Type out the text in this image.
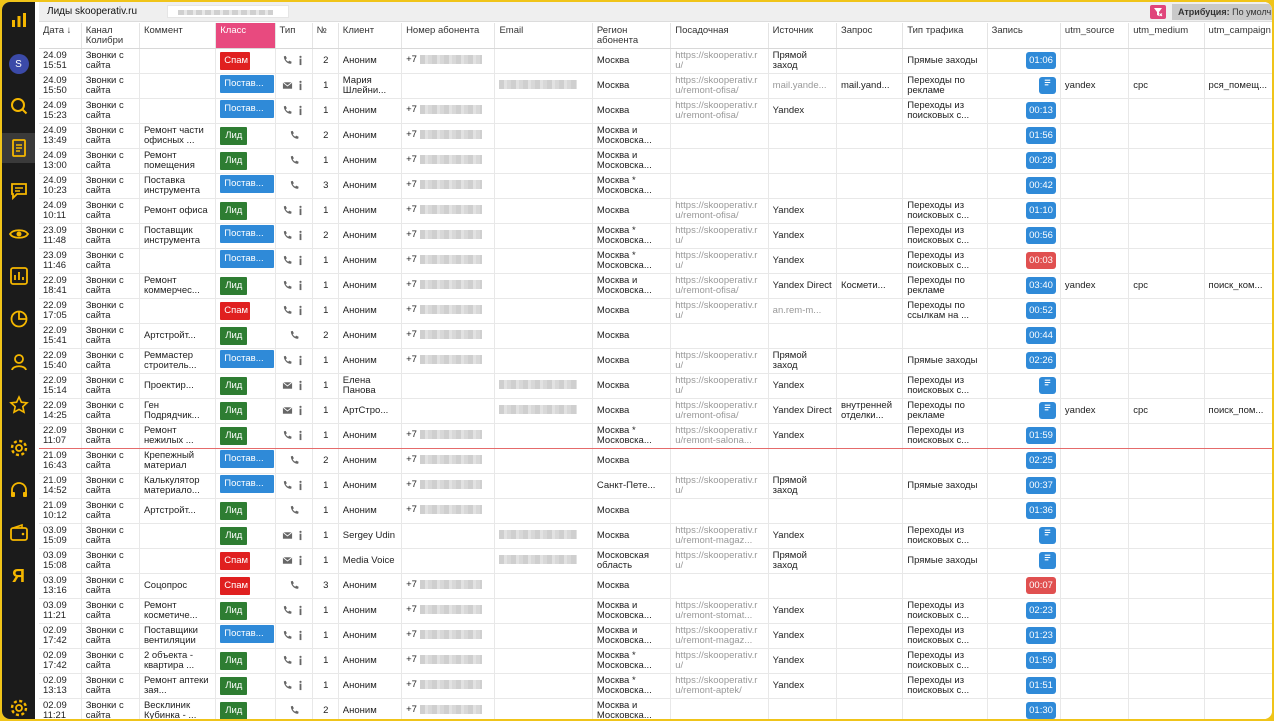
S
Я
Лиды skooperativ.ru	Атрибуция: По умолч
Дата ↓	Канал Колибри	Коммент	Класс	Тип	№	Клиент	Номер абонента	Email	Регион абонента	Посадочная	Источник	Запрос	Тип трафика	Запись	utm_source	utm_medium	utm_campaign

24.09 15:51	Звонки с сайта		Спам		2	Аноним	+7		Москва	https://skooperativ.ru/	Прямой заход		Прямые заходы	01:06			

24.09 15:50	Звонки с сайта		Постав...		1	Мария Шлейни...			Москва	https://skooperativ.ru/remont-ofisa/	mail.yande...	mail.yand...	Переходы по рекламе		yandex	cpc	рся_помещ...

24.09 15:23	Звонки с сайта		Постав...		1	Аноним	+7		Москва	https://skooperativ.ru/remont-ofisa/	Yandex		Переходы из поисковых с...	00:13			

24.09 13:49	Звонки с сайта	Ремонт части офисных ...	Лид		2	Аноним	+7		Москва и Московска...					01:56			

24.09 13:00	Звонки с сайта	Ремонт помещения	Лид		1	Аноним	+7		Москва и Московска...					00:28			

24.09 10:23	Звонки с сайта	Поставка инструмента	Постав...		3	Аноним	+7		Москва * Московска...					00:42			

24.09 10:11	Звонки с сайта	Ремонт офиса	Лид		1	Аноним	+7		Москва	https://skooperativ.ru/remont-ofisa/	Yandex		Переходы из поисковых с...	01:10			

23.09 11:48	Звонки с сайта	Поставщик инструмента	Постав...		2	Аноним	+7		Москва * Московска...	https://skooperativ.ru/	Yandex		Переходы из поисковых с...	00:56			

23.09 11:46	Звонки с сайта		Постав...		1	Аноним	+7		Москва * Московска...	https://skooperativ.ru/	Yandex		Переходы из поисковых с...	00:03			

22.09 18:41	Звонки с сайта	Ремонт коммерчес...	Лид		1	Аноним	+7		Москва и Московска...	https://skooperativ.ru/remont-ofisa/	Yandex Direct	Космети...	Переходы по рекламе	03:40	yandex	cpc	поиск_ком...

22.09 17:05	Звонки с сайта		Спам		1	Аноним	+7		Москва	https://skooperativ.ru/	an.rem-m...		Переходы по ссылкам на ...	00:52			

22.09 15:41	Звонки с сайта	Артстройт...	Лид		2	Аноним	+7		Москва					00:44			

22.09 15:40	Звонки с сайта	Реммастер строитель...	Постав...		1	Аноним	+7		Москва	https://skooperativ.ru/	Прямой заход		Прямые заходы	02:26			

22.09 15:14	Звонки с сайта	Проектир...	Лид		1	Елена Панова			Москва	https://skooperativ.ru/	Yandex		Переходы из поисковых с...

22.09 14:25	Звонки с сайта	Ген Подрядчик...	Лид		1	АртСтро...			Москва	https://skooperativ.ru/remont-ofisa/	Yandex Direct	внутренней отделки...	Переходы по рекламе		yandex	cpc	поиск_пом...

22.09 11:07	Звонки с сайта	Ремонт нежилых ...	Лид		1	Аноним	+7		Москва * Московска...	https://skooperativ.ru/remont-salona...	Yandex		Переходы из поисковых с...	01:59			

21.09 16:43	Звонки с сайта	Крепежный материал	Постав...		2	Аноним	+7		Москва					02:25			

21.09 14:52	Звонки с сайта	Калькулятор материало...	Постав...		1	Аноним	+7		Санкт-Пете...	https://skooperativ.ru/	Прямой заход		Прямые заходы	00:37			

21.09 10:12	Звонки с сайта	Артстройт...	Лид		1	Аноним	+7		Москва					01:36			

03.09 15:09	Звонки с сайта		Лид		1	Sergey Udin			Москва	https://skooperativ.ru/remont-magaz...	Yandex		Переходы из поисковых с...

03.09 15:08	Звонки с сайта		Спам		1	Media Voice			Московская область	https://skooperativ.ru/	Прямой заход		Прямые заходы

03.09 13:16	Звонки с сайта	Соцопрос	Спам		3	Аноним	+7		Москва					00:07			

03.09 11:21	Звонки с сайта	Ремонт косметиче...	Лид		1	Аноним	+7		Москва и Московска...	https://skooperativ.ru/remont-stomat...	Yandex		Переходы из поисковых с...	02:23			

02.09 17:42	Звонки с сайта	Поставщики вентиляции	Постав...		1	Аноним	+7		Москва и Московска...	https://skooperativ.ru/remont-magaz...	Yandex		Переходы из поисковых с...	01:23			

02.09 17:42	Звонки с сайта	2 объекта - квартира ...	Лид		1	Аноним	+7		Москва * Московска...	https://skooperativ.ru/	Yandex		Переходы из поисковых с...	01:59			

02.09 13:13	Звонки с сайта	Ремонт аптеки зая...	Лид		1	Аноним	+7		Москва * Московска...	https://skooperativ.ru/remont-aptek/	Yandex		Переходы из поисковых с...	01:51			

02.09 11:21	Звонки с сайта	Весклиник Кубинка - ...	Лид		2	Аноним	+7		Москва и Московска...					01:30			
